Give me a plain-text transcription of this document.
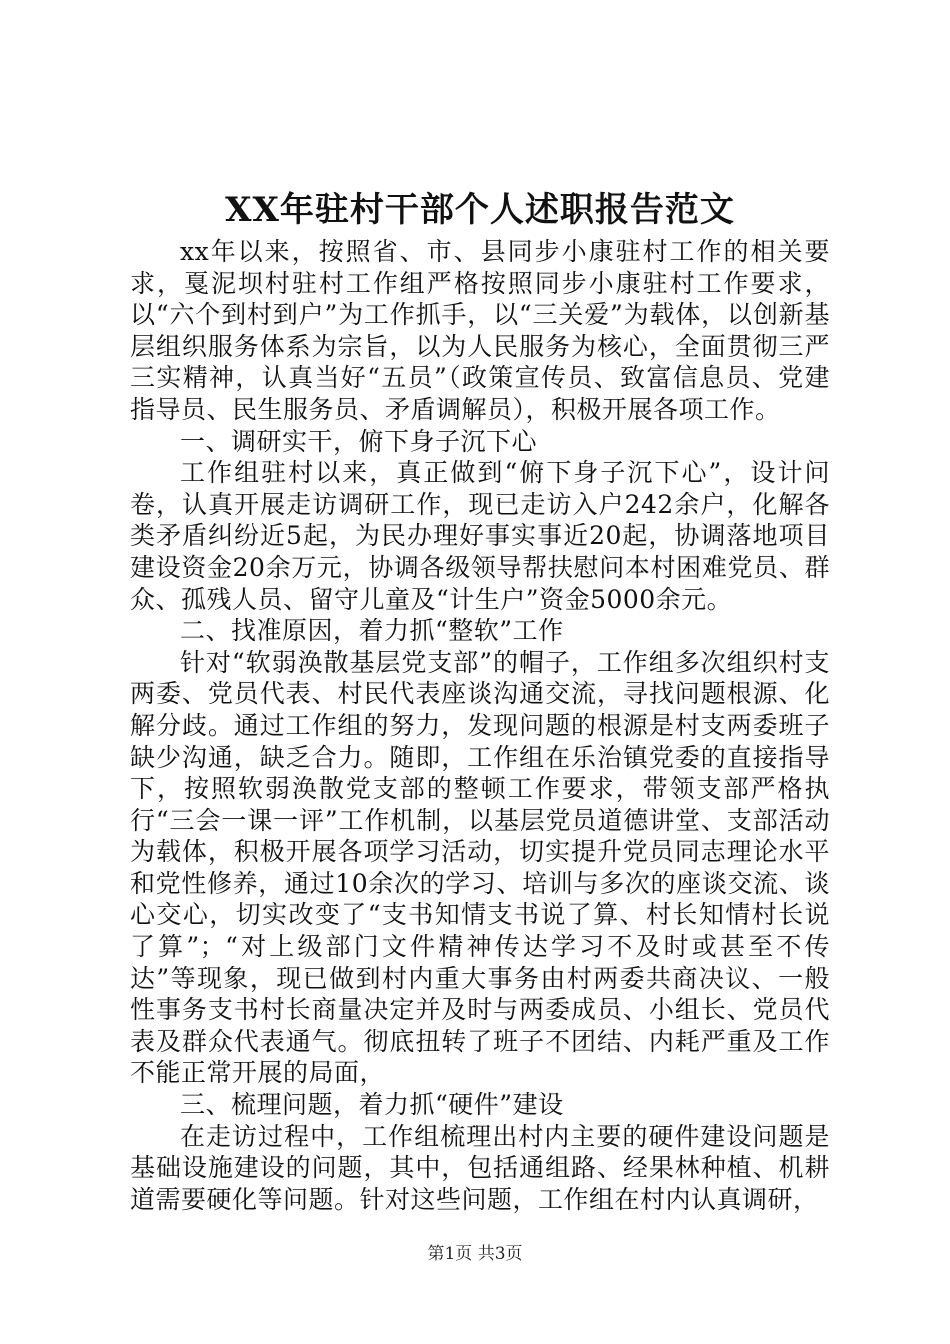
XX年驻村干部个人述职报告范文

xx年以来，按照省、市、县同步小康驻村工作的相关要求，戛泥坝村驻村工作组严格按照同步小康驻村工作要求，以“六个到村到户”为工作抓手，以“三关爱”为载体，以创新基层组织服务体系为宗旨，以为人民服务为核心，全面贯彻三严三实精神，认真当好“五员”（政策宣传员、致富信息员、党建指导员、民生服务员、矛盾调解员），积极开展各项工作。

一、调研实干，俯下身子沉下心

工作组驻村以来，真正做到“俯下身子沉下心”，设计问卷，认真开展走访调研工作，现已走访入户242余户，化解各类矛盾纠纷近5起，为民办理好事实事近20起，协调落地项目建设资金20余万元，协调各级领导帮扶慰问本村困难党员、群众、孤残人员、留守儿童及“计生户”资金5000余元。

二、找准原因，着力抓“整软”工作

针对“软弱涣散基层党支部”的帽子，工作组多次组织村支两委、党员代表、村民代表座谈沟通交流，寻找问题根源、化解分歧。通过工作组的努力，发现问题的根源是村支两委班子缺少沟通，缺乏合力。随即，工作组在乐治镇党委的直接指导下，按照软弱涣散党支部的整顿工作要求，带领支部严格执行“三会一课一评”工作机制，以基层党员道德讲堂、支部活动为载体，积极开展各项学习活动，切实提升党员同志理论水平和党性修养，通过10余次的学习、培训与多次的座谈交流、谈心交心，切实改变了“支书知情支书说了算、村长知情村长说了算”；“对上级部门文件精神传达学习不及时或甚至不传达”等现象，现已做到村内重大事务由村两委共商决议、一般性事务支书村长商量决定并及时与两委成员、小组长、党员代表及群众代表通气。彻底扭转了班子不团结、内耗严重及工作不能正常开展的局面，

三、梳理问题，着力抓“硬件”建设

在走访过程中，工作组梳理出村内主要的硬件建设问题是基础设施建设的问题，其中，包括通组路、经果林种植、机耕道需要硬化等问题。针对这些问题，工作组在村内认真调研，

第1页 共3页
